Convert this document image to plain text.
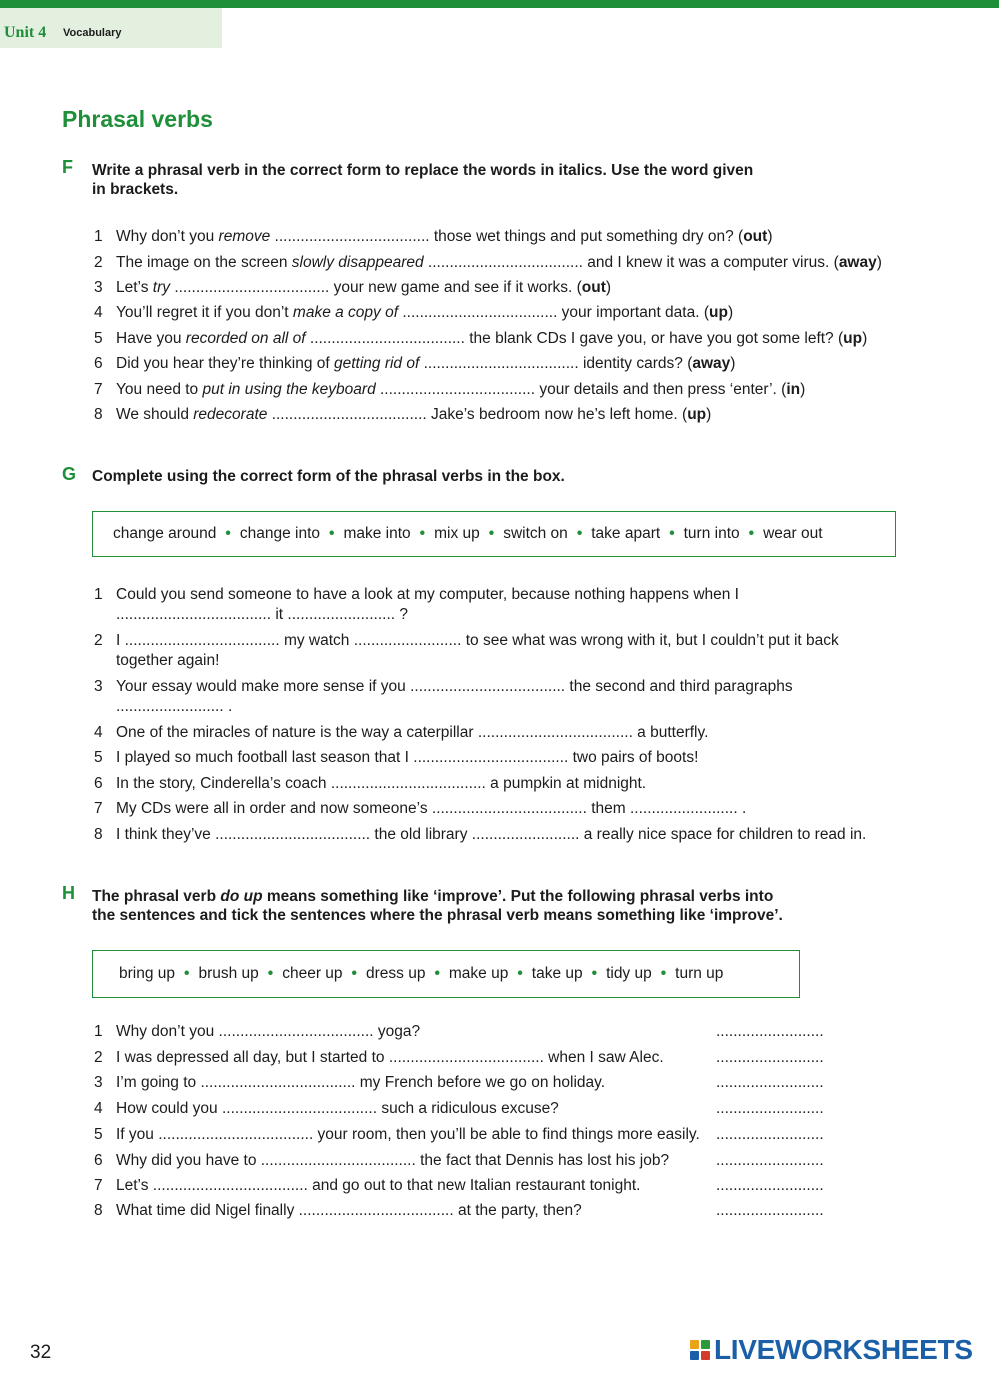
Unit 4 Vocabulary
Phrasal verbs
F Write a phrasal verb in the correct form to replace the words in italics. Use the word given
in brackets.
1 Why don’t you remove .................................... those wet things and put something dry on? (out)
2 The image on the screen slowly disappeared .................................... and I knew it was a computer virus. (away)
3 Let’s try .................................... your new game and see if it works. (out)
4 You’ll regret it if you don’t make a copy of .................................... your important data. (up)
5 Have you recorded on all of .................................... the blank CDs I gave you, or have you got some left? (up)
6 Did you hear they’re thinking of getting rid of .................................... identity cards? (away)
7 You need to put in using the keyboard .................................... your details and then press ‘enter’. (in)
8 We should redecorate .................................... Jake’s bedroom now he’s left home. (up)
G Complete using the correct form of the phrasal verbs in the box.
change around • change into • make into • mix up • switch on • take apart • turn into • wear out
1 Could you send someone to have a look at my computer, because nothing happens when I
.................................... it ......................... ?
2 I .................................... my watch ......................... to see what was wrong with it, but I couldn’t put it back
together again!
3 Your essay would make more sense if you .................................... the second and third paragraphs
......................... .
4 One of the miracles of nature is the way a caterpillar .................................... a butterfly.
5 I played so much football last season that I .................................... two pairs of boots!
6 In the story, Cinderella’s coach .................................... a pumpkin at midnight.
7 My CDs were all in order and now someone’s .................................... them ......................... .
8 I think they’ve .................................... the old library ......................... a really nice space for children to read in.
H The phrasal verb do up means something like ‘improve’. Put the following phrasal verbs into
the sentences and tick the sentences where the phrasal verb means something like ‘improve’.
bring up • brush up • cheer up • dress up • make up • take up • tidy up • turn up
1 Why don’t you .................................... yoga?	.........................
2 I was depressed all day, but I started to .................................... when I saw Alec.	.........................
3 I’m going to .................................... my French before we go on holiday.	.........................
4 How could you .................................... such a ridiculous excuse?	.........................
5 If you .................................... your room, then you’ll be able to find things more easily. .........................
6 Why did you have to .................................... the fact that Dennis has lost his job?	.........................
7 Let’s .................................... and go out to that new Italian restaurant tonight.	.........................
8 What time did Nigel finally .................................... at the party, then?	.........................
32	LIVEWORKSHEETS
